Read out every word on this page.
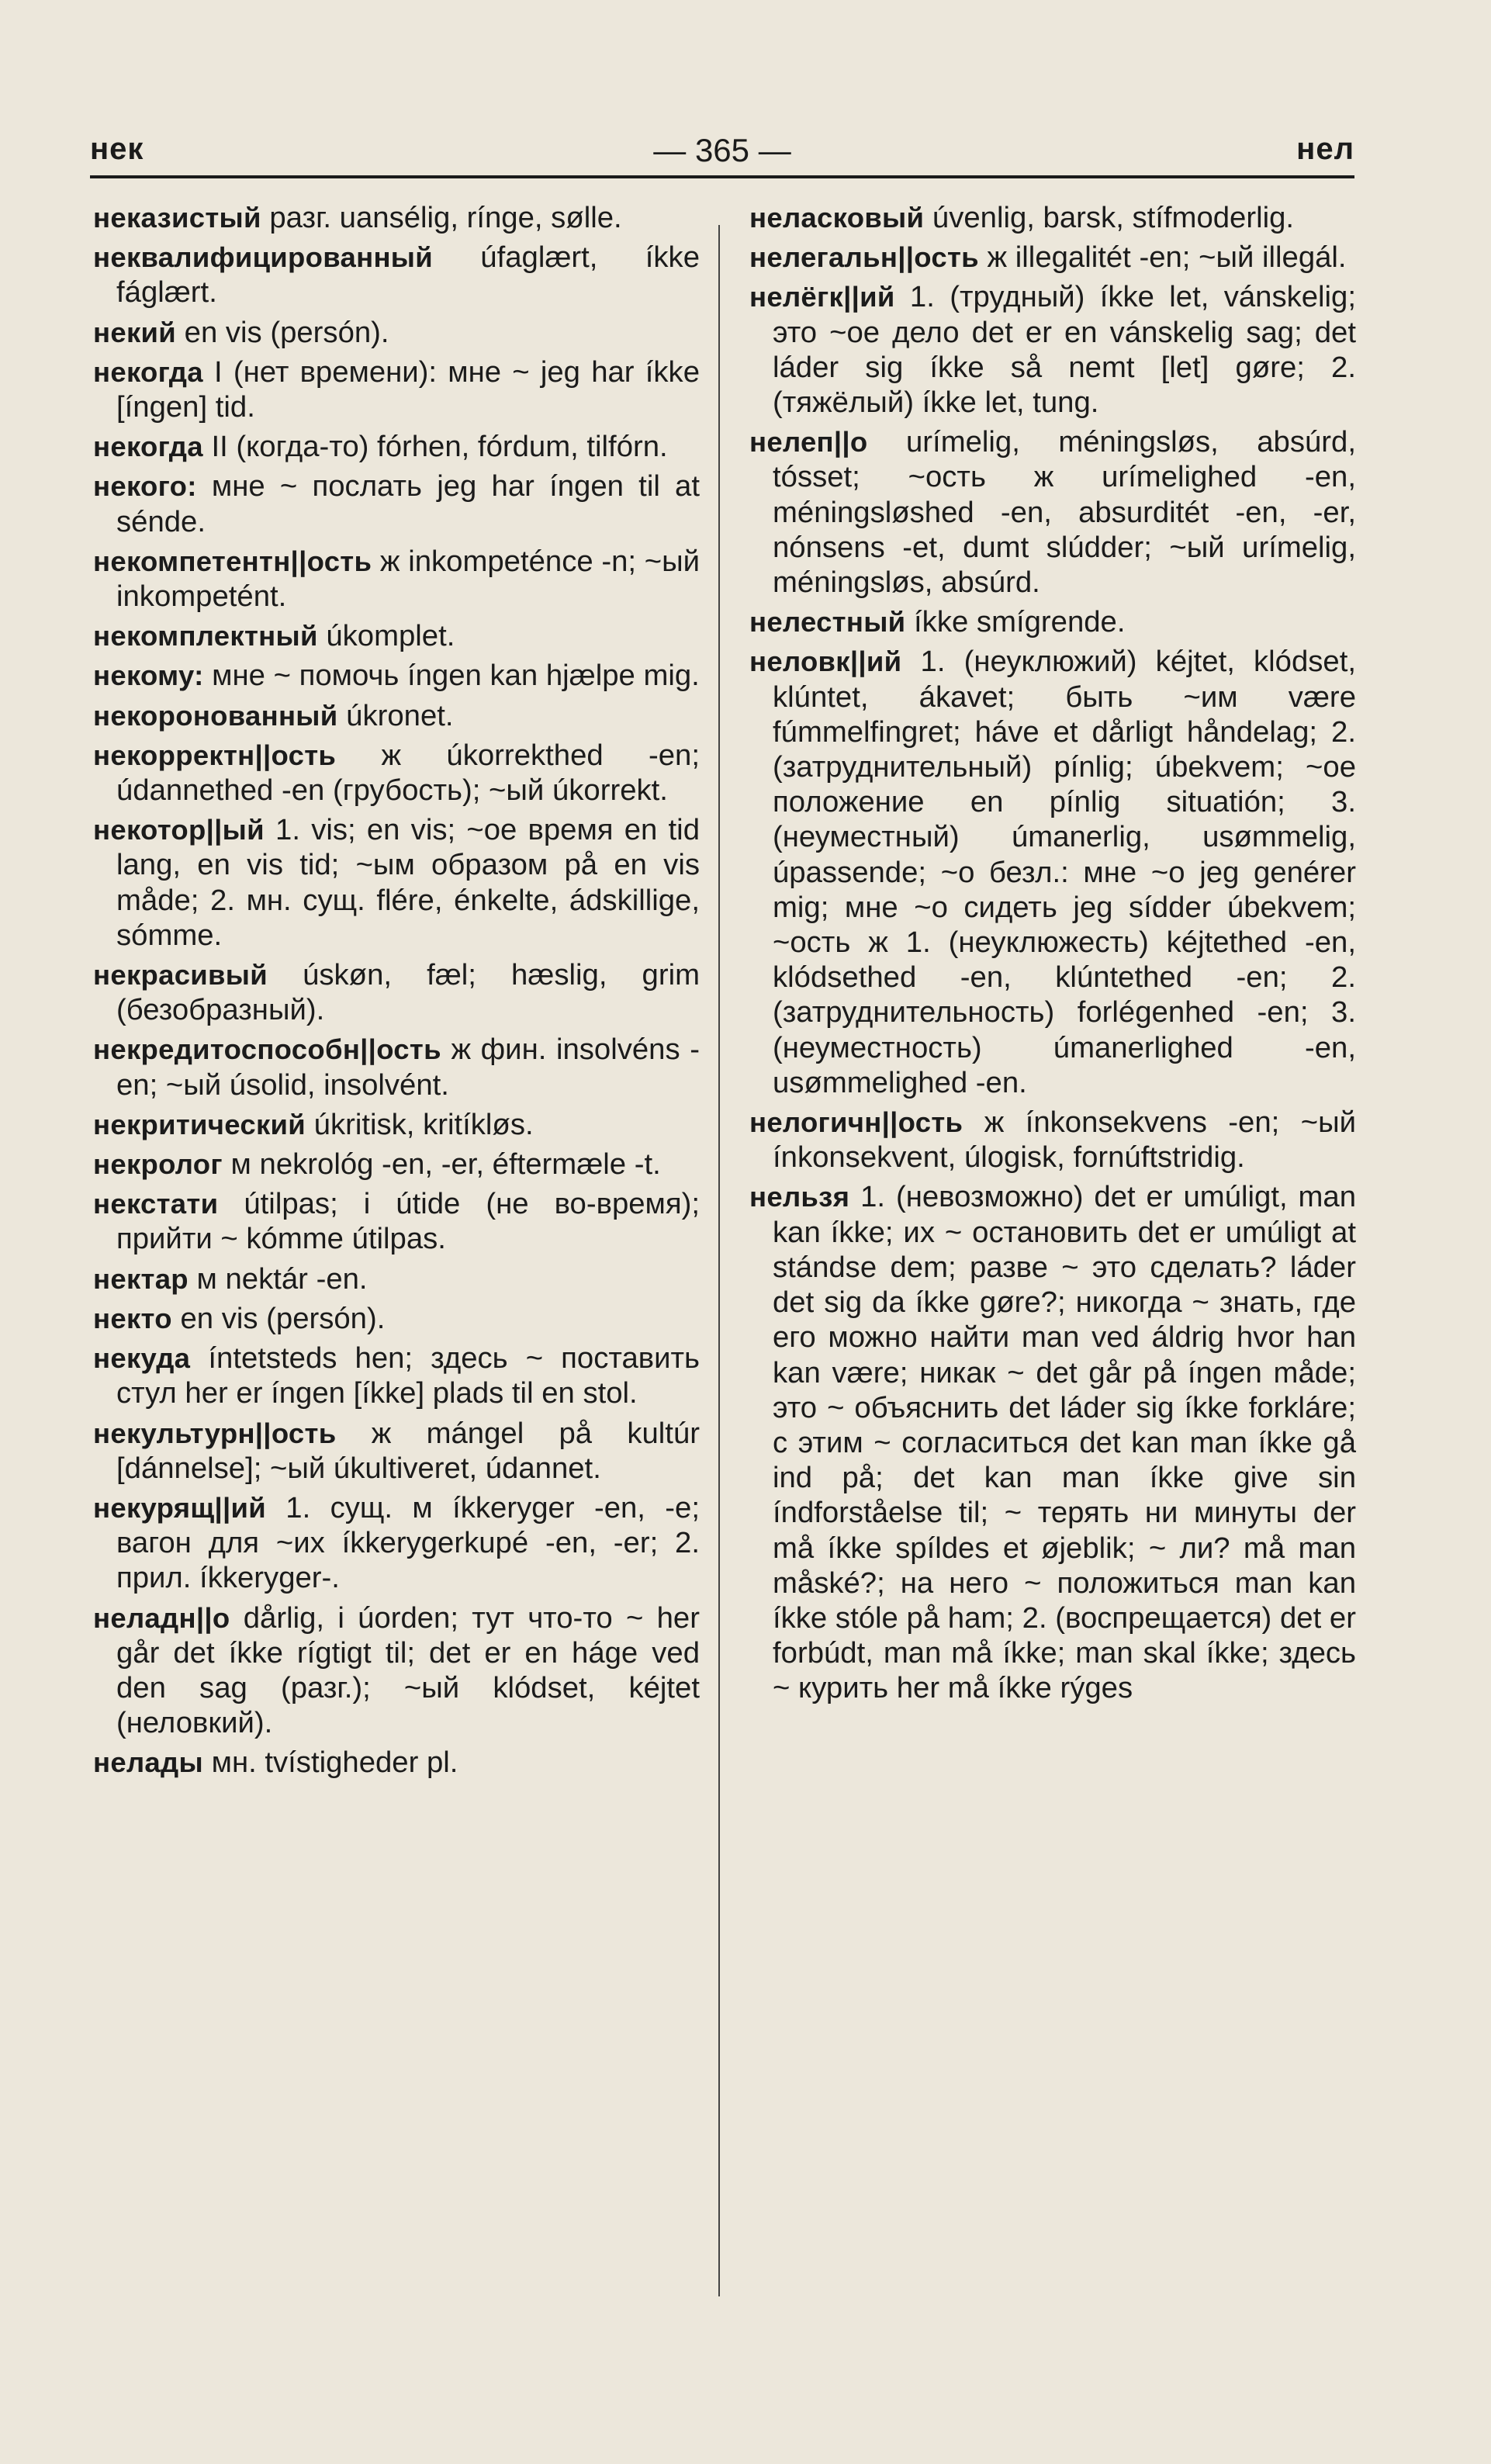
нек	— 365 —	нел

неказистый разг. uansélig, rínge, sølle.

неквалифицированный úfaglært, íkke fáglært.

некий en vis (persón).

некогда I (нет времени): мне ~ jeg har íkke [íngen] tid.

некогда II (когда-то) fórhen, fórdum, tilfórn.

некого: мне ~ послать jeg har íngen til at sénde.

некомпетентн||ость ж inkompeténce -n; ~ый inkompetént.

некомплектный úkomplet.

некому: мне ~ помочь íngen kan hjælpe mig.

некоронованный úkronet.

некорректн||ость ж úkorrekthed -en; údannethed -en (грубость); ~ый úkorrekt.

некотор||ый 1. vis; en vis; ~ое время en tid lang, en vis tid; ~ым образом på en vis måde; 2. мн. сущ. flére, énkelte, ádskillige, sómme.

некрасивый úskøn, fæl; hæslig, grim (безобразный).

некредитоспособн||ость ж фин. insolvéns -en; ~ый úsolid, insolvént.

некритический úkritisk, kritíkløs.

некролог м nekrológ -en, -er, éftermæle -t.

некстати útilpas; i útide (не во-время); прийти ~ kómme útilpas.

нектар м nektár -en.

некто en vis (persón).

некуда íntetsteds hen; здесь ~ поставить стул her er íngen [íkke] plads til en stol.

некультурн||ость ж mángel på kultúr [dánnelse]; ~ый úkultiveret, údannet.

некурящ||ий 1. сущ. м íkkeryger -en, -e; вагон для ~их íkkerygerkupé -en, -er; 2. прил. íkkeryger-.

неладн||о dårlig, i úorden; тут что-то ~ her går det íkke rígtigt til; det er en háge ved den sag (разг.); ~ый klódset, kéjtet (неловкий).

нелады мн. tvístigheder pl.

неласковый úvenlig, barsk, stífmoderlig.

нелегальн||ость ж illegalitét -en; ~ый illegál.

нелёгк||ий 1. (трудный) íkke let, vánskelig; это ~ое дело det er en vánskelig sag; det láder sig íkke så nemt [let] gøre; 2. (тяжёлый) íkke let, tung.

нелеп||о urímelig, méningsløs, absúrd, tósset; ~ость ж urímelighed -en, méningsløshed -en, absurditét -en, -er, nónsens -et, dumt slúdder; ~ый urímelig, méningsløs, absúrd.

нелестный íkke smígrende.

неловк||ий 1. (неуклюжий) kéjtet, klódset, klúntet, ákavet; быть ~им være fúmmelfingret; háve et dårligt håndelag; 2. (затруднительный) pínlig; úbekvem; ~ое положение en pínlig situatión; 3. (неуместный) úmanerlig, usømmelig, úpassende; ~о безл.: мне ~о jeg genérer mig; мне ~о сидеть jeg sídder úbekvem; ~ость ж 1. (неуклюжесть) kéjtethed -en, klódsethed -en, klúntethed -en; 2. (затруднительность) forlégenhed -en; 3. (неуместность) úmanerlighed -en, usømmelighed -en.

нелогичн||ость ж ínkonsekvens -en; ~ый ínkonsekvent, úlogisk, fornúftstridig.

нельзя 1. (невозможно) det er umúligt, man kan íkke; их ~ остановить det er umúligt at stándse dem; разве ~ это сделать? láder det sig da íkke gøre?; никогда ~ знать, где его можно найти man ved áldrig hvor han kan være; никак ~ det går på íngen måde; это ~ объяснить det láder sig íkke forkláre; с этим ~ согласиться det kan man íkke gå ind på; det kan man íkke give sin índforståelse til; ~ терять ни минуты der må íkke spíldes et øjeblik; ~ ли? må man måské?; на него ~ положиться man kan íkke stóle på ham; 2. (воспрещается) det er forbúdt, man må íkke; man skal íkke; здесь ~ курить her må íkke rýges
